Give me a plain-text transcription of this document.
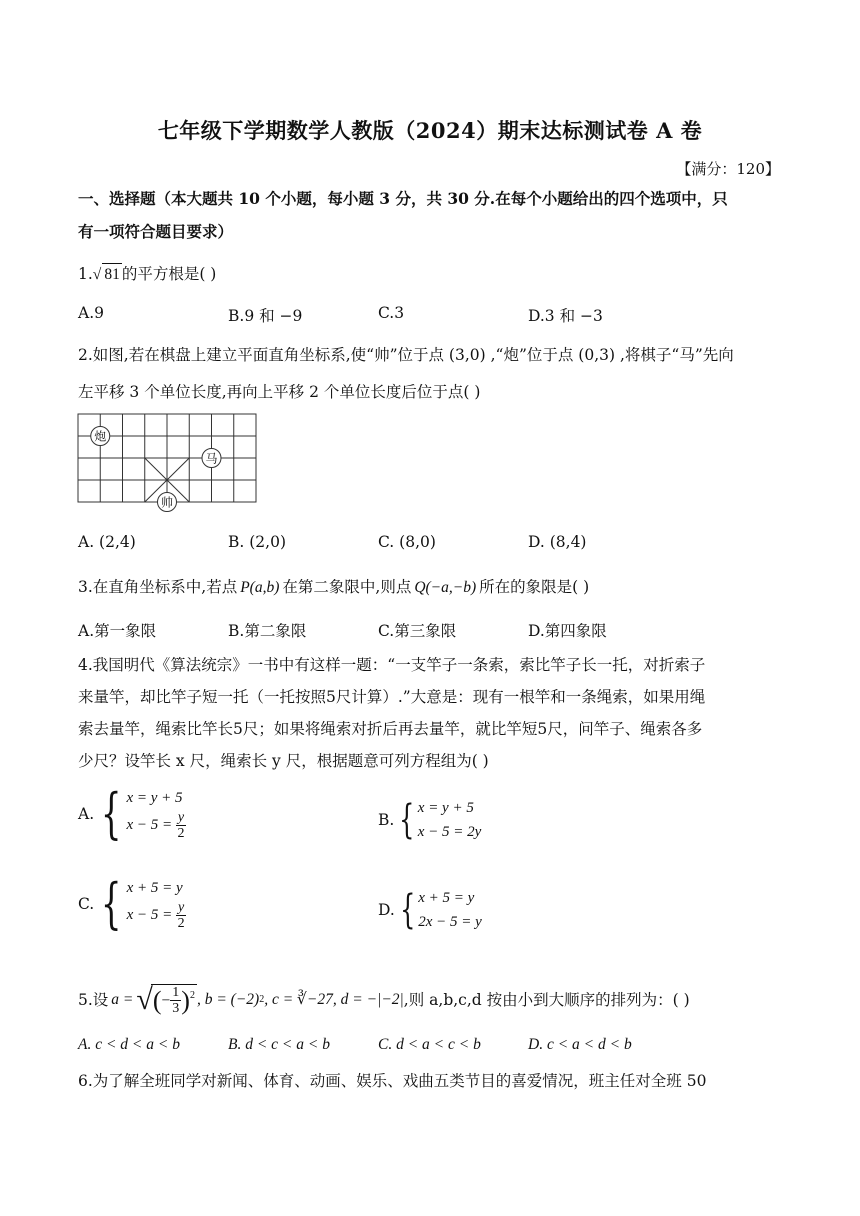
七年级下学期数学人教版（2024）期末达标测试卷 A 卷
【满分：120】
一、选择题（本大题共 10 个小题，每小题 3 分，共 30 分.在每个小题给出的四个选项中，只
有一项符合题目要求）
1.√ 81 的平方根是( )
A.9	B.9 和 −9	C.3	D.3 和 −3
2.如图,若在棋盘上建立平面直角坐标系,使“帅”位于点 (3,0) ,“炮”位于点 (0,3) ,将棋子“马”先向
左平移 3 个单位长度,再向上平移 2 个单位长度后位于点( )
炮
马
帅
A. (2,4)	B. (2,0)	C. (8,0)	D. (8,4)
3.在直角坐标系中,若点 P(a,b) 在第二象限中,则点 Q(−a,−b) 所在的象限是( )
A.第一象限	B.第二象限	C.第三象限	D.第四象限
4.我国明代《算法统宗》一书中有这样一题：“一支竿子一条索，索比竿子长一托，对折索子
来量竿，却比竿子短一托（一托按照5尺计算）.”大意是：现有一根竿和一条绳索，如果用绳
索去量竿，绳索比竿长5尺；如果将绳索对折后再去量竿，就比竿短5尺，问竿子、绳索各多
少尺？设竿长 x 尺，绳索长 y 尺，根据题意可列方程组为( )
A. { x = y + 5
$x - 5 = \frac{y}{2}$	B. { x = y + 5
x − 5 = 2y
C. { x + 5 = y
$x - 5 = \frac{y}{2}$	D. { x + 5 = y
2x − 5 = y
5.设 a = √ ( − $\frac{1}{3} )^2$ , b = (−2) 2 , c = ∛−27 , d = −|−2| ,则 a,b,c,d 按由小到大顺序的排列为：( )
A. c < d < a < b	B. d < c < a < b	C. d < a < c < b	D. c < a < d < b
6.为了解全班同学对新闻、体育、动画、娱乐、戏曲五类节目的喜爱情况，班主任对全班 50
